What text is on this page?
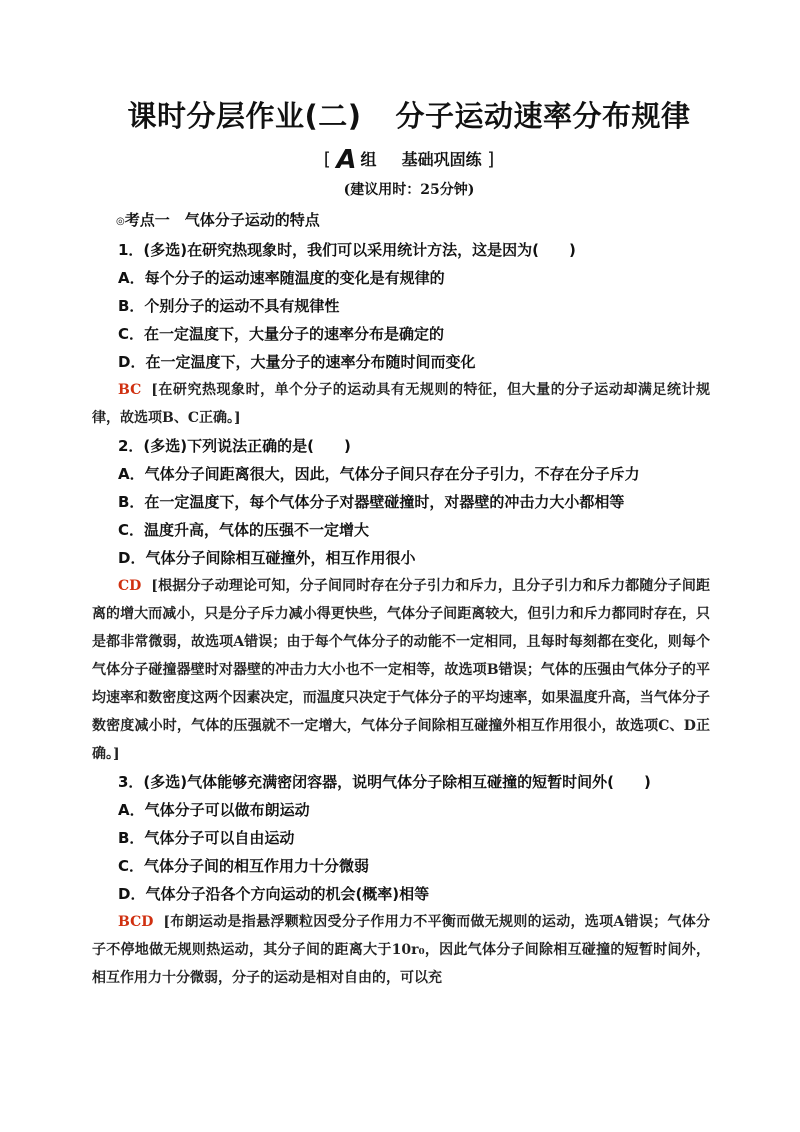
课时分层作业(二) 分子运动速率分布规律
[ A 组 基础巩固练 ]
(建议用时：25分钟)
◎考点一　气体分子运动的特点
1．(多选)在研究热现象时，我们可以采用统计方法，这是因为(　　)
A．每个分子的运动速率随温度的变化是有规律的
B．个别分子的运动不具有规律性
C．在一定温度下，大量分子的速率分布是确定的
D．在一定温度下，大量分子的速率分布随时间而变化
BC [在研究热现象时，单个分子的运动具有无规则的特征，但大量的分子运动却满足统计规律，故选项B、C正确。]
2．(多选)下列说法正确的是(　　)
A．气体分子间距离很大，因此，气体分子间只存在分子引力，不存在分子斥力
B．在一定温度下，每个气体分子对器壁碰撞时，对器壁的冲击力大小都相等
C．温度升高，气体的压强不一定增大
D．气体分子间除相互碰撞外，相互作用很小
CD [根据分子动理论可知，分子间同时存在分子引力和斥力，且分子引力和斥力都随分子间距离的增大而减小，只是分子斥力减小得更快些，气体分子间距离较大，但引力和斥力都同时存在，只是都非常微弱，故选项A错误；由于每个气体分子的动能不一定相同，且每时每刻都在变化，则每个气体分子碰撞器壁时对器壁的冲击力大小也不一定相等，故选项B错误；气体的压强由气体分子的平均速率和数密度这两个因素决定，而温度只决定于气体分子的平均速率，如果温度升高，当气体分子数密度减小时，气体的压强就不一定增大，气体分子间除相互碰撞外相互作用很小，故选项C、D正确。]
3．(多选)气体能够充满密闭容器，说明气体分子除相互碰撞的短暂时间外(　　)
A．气体分子可以做布朗运动
B．气体分子可以自由运动
C．气体分子间的相互作用力十分微弱
D．气体分子沿各个方向运动的机会(概率)相等
BCD [布朗运动是指悬浮颗粒因受分子作用力不平衡而做无规则的运动，选项A错误；气体分子不停地做无规则热运动，其分子间的距离大于10r₀，因此气体分子间除相互碰撞的短暂时间外，相互作用力十分微弱，分子的运动是相对自由的，可以充
